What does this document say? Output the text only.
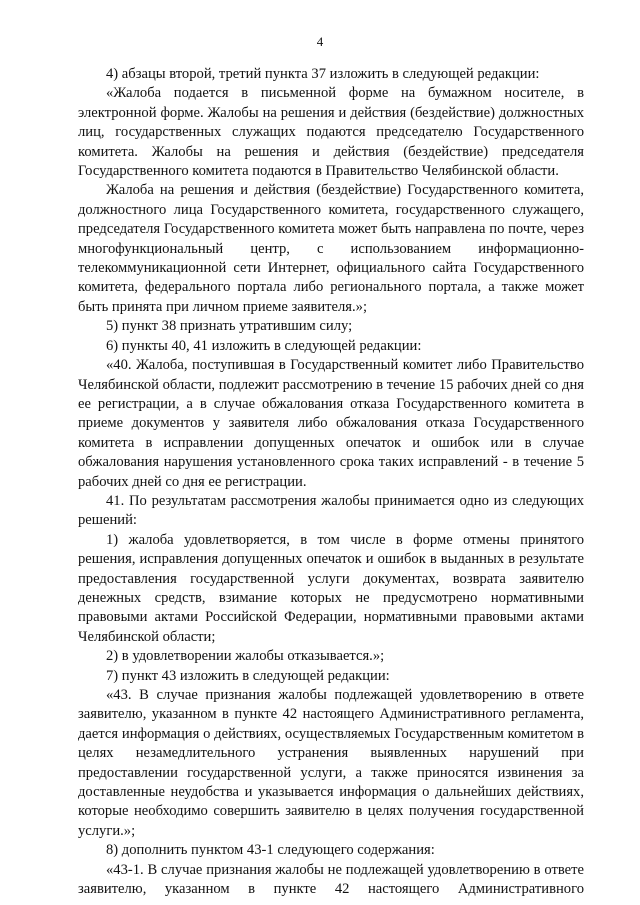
4

4) абзацы второй, третий пункта 37 изложить в следующей редакции:

«Жалоба подается в письменной форме на бумажном носителе, в электронной форме. Жалобы на решения и действия (бездействие) должностных лиц, государственных служащих подаются председателю Государственного комитета. Жалобы на решения и действия (бездействие) председателя Государственного комитета подаются в Правительство Челябинской области.

Жалоба на решения и действия (бездействие) Государственного комитета, должностного лица Государственного комитета, государственного служащего, председателя Государственного комитета может быть направлена по почте, через многофункциональный центр, с использованием информационно-телекоммуникационной сети Интернет, официального сайта Государственного комитета, федерального портала либо регионального портала, а также может быть принята при личном приеме заявителя.»;

5) пункт 38 признать утратившим силу;

6) пункты 40, 41 изложить в следующей редакции:

«40. Жалоба, поступившая в Государственный комитет либо Правительство Челябинской области, подлежит рассмотрению в течение 15 рабочих дней со дня ее регистрации, а в случае обжалования отказа Государственного комитета в приеме документов у заявителя либо обжалования отказа Государственного комитета в исправлении допущенных опечаток и ошибок или в случае обжалования нарушения установленного срока таких исправлений - в течение 5 рабочих дней со дня ее регистрации.

41. По результатам рассмотрения жалобы принимается одно из следующих решений:

1) жалоба удовлетворяется, в том числе в форме отмены принятого решения, исправления допущенных опечаток и ошибок в выданных в результате предоставления государственной услуги документах, возврата заявителю денежных средств, взимание которых не предусмотрено нормативными правовыми актами Российской Федерации, нормативными правовыми актами Челябинской области;

2) в удовлетворении жалобы отказывается.»;

7) пункт 43 изложить в следующей редакции:

«43. В случае признания жалобы подлежащей удовлетворению в ответе заявителю, указанном в пункте 42 настоящего Административного регламента, дается информация о действиях, осуществляемых Государственным комитетом в целях незамедлительного устранения выявленных нарушений при предоставлении государственной услуги, а также приносятся извинения за доставленные неудобства и указывается информация о дальнейших действиях, которые необходимо совершить заявителю в целях получения государственной услуги.»;

8) дополнить пунктом 43-1 следующего содержания:

«43-1. В случае признания жалобы не подлежащей удовлетворению в ответе заявителю, указанном в пункте 42 настоящего Административного
